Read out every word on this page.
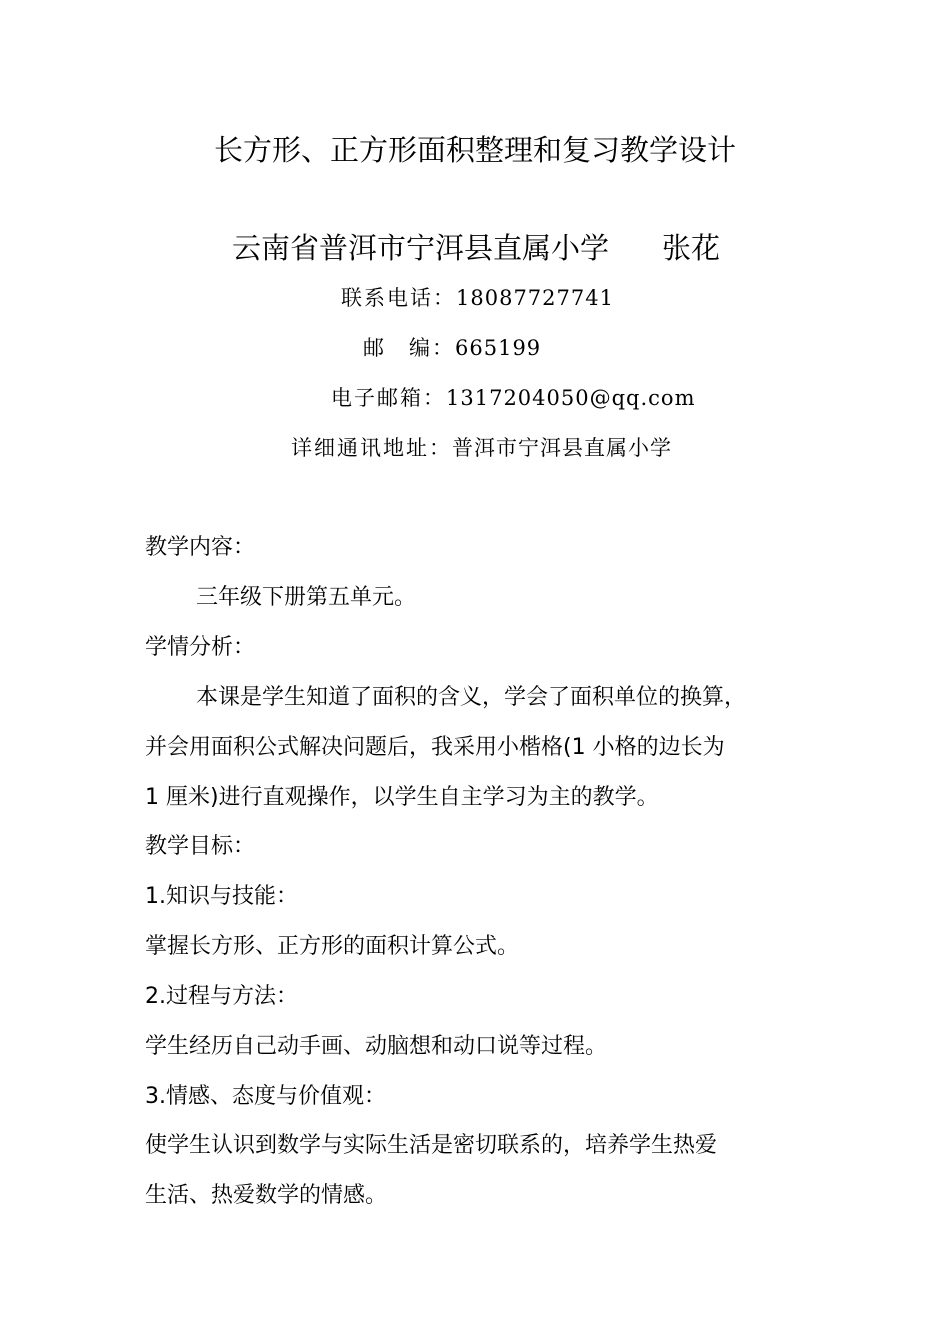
长方形、正方形面积整理和复习教学设计
云南省普洱市宁洱县直属小学 张花
联系电话：18087727741
邮　编：665199
电子邮箱：1317204050@qq.com
详细通讯地址：普洱市宁洱县直属小学
教学内容：
三年级下册第五单元。
学情分析：
本课是学生知道了面积的含义，学会了面积单位的换算，
并会用面积公式解决问题后，我采用小楷格(1 小格的边长为
1 厘米)进行直观操作，以学生自主学习为主的教学。
教学目标：
1.知识与技能：
掌握长方形、正方形的面积计算公式。
2.过程与方法：
学生经历自己动手画、动脑想和动口说等过程。
3.情感、态度与价值观：
使学生认识到数学与实际生活是密切联系的，培养学生热爱
生活、热爱数学的情感。
